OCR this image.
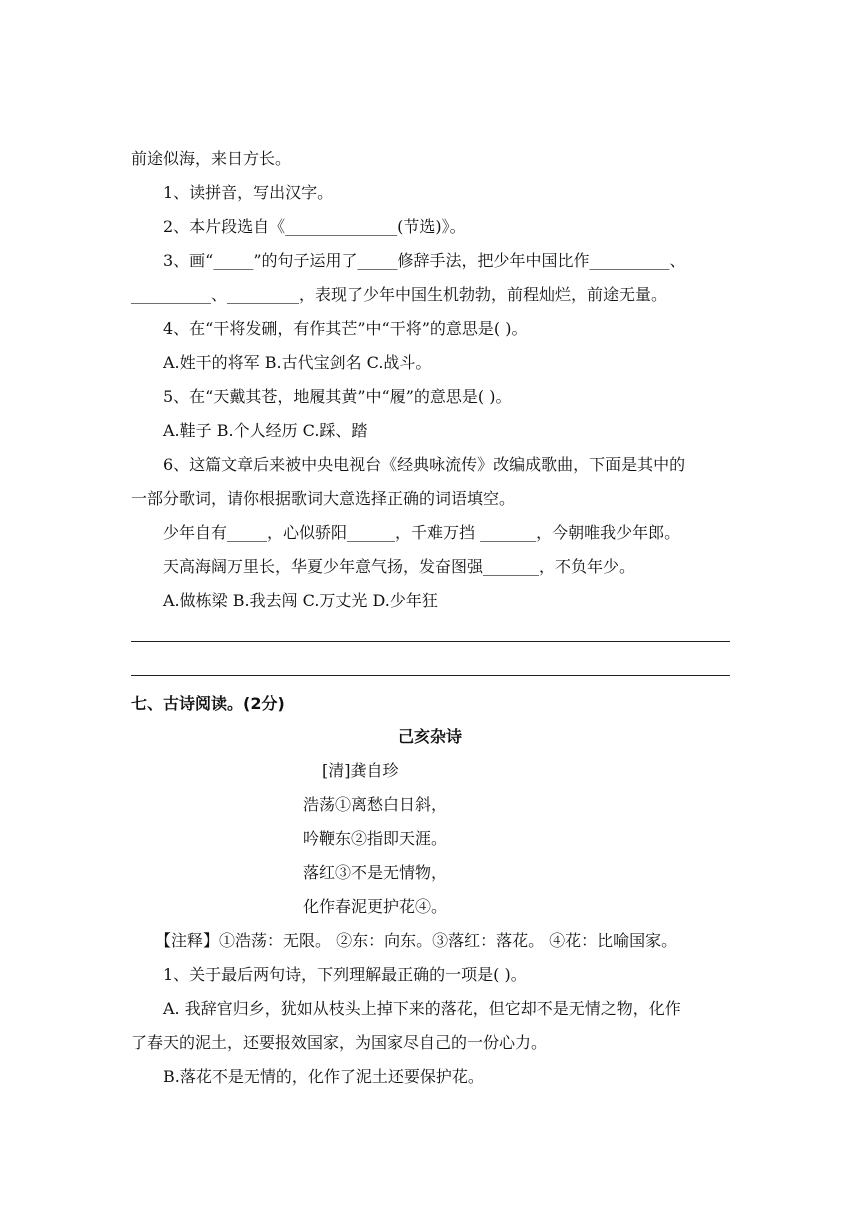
前途似海，来日方长。
1、读拼音，写出汉字。
2、本片段选自《______________(节选)》。
3、画“_____”的句子运用了_____修辞手法，把少年中国比作__________、
__________、_________，表现了少年中国生机勃勃，前程灿烂，前途无量。
4、在“干将发硎，有作其芒”中“干将”的意思是( )。
A.姓干的将军 B.古代宝剑名 C.战斗。
5、在“天戴其苍，地履其黄”中“履”的意思是( )。
A.鞋子 B.个人经历 C.踩、踏
6、这篇文章后来被中央电视台《经典咏流传》改编成歌曲，下面是其中的
一部分歌词，请你根据歌词大意选择正确的词语填空。
少年自有_____，心似骄阳______，千难万挡 _______，今朝唯我少年郎。
天高海阔万里长，华夏少年意气扬，发奋图强_______，不负年少。
A.做栋梁 B.我去闯 C.万丈光 D.少年狂
七、古诗阅读。(2分)
己亥杂诗
[清]龚自珍
浩荡①离愁白日斜，
吟鞭东②指即天涯。
落红③不是无情物，
化作春泥更护花④。
【注释】①浩荡：无限。 ②东：向东。③落红：落花。 ④花：比喻国家。
1、关于最后两句诗，下列理解最正确的一项是( )。
A. 我辞官归乡，犹如从枝头上掉下来的落花，但它却不是无情之物，化作
了春天的泥土，还要报效国家，为国家尽自己的一份心力。
B.落花不是无情的，化作了泥土还要保护花。
